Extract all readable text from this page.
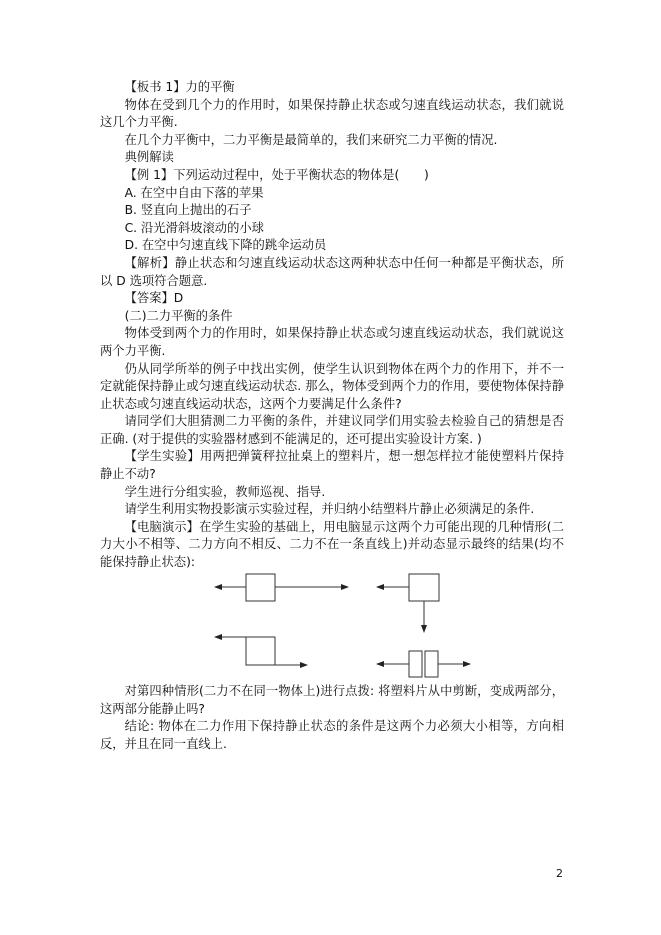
【板书 1】力的平衡

物体在受到几个力的作用时，如果保持静止状态或匀速直线运动状态，我们就说这几个力平衡.

在几个力平衡中，二力平衡是最简单的，我们来研究二力平衡的情况.

典例解读

【例 1】下列运动过程中，处于平衡状态的物体是(　　)

A. 在空中自由下落的苹果

B. 竖直向上抛出的石子

C. 沿光滑斜坡滚动的小球

D. 在空中匀速直线下降的跳伞运动员

【解析】静止状态和匀速直线运动状态这两种状态中任何一种都是平衡状态，所以 D 选项符合题意.

【答案】D

(二)二力平衡的条件

物体受到两个力的作用时，如果保持静止状态或匀速直线运动状态，我们就说这两个力平衡.

仍从同学所举的例子中找出实例，使学生认识到物体在两个力的作用下，并不一定就能保持静止或匀速直线运动状态. 那么，物体受到两个力的作用，要使物体保持静止状态或匀速直线运动状态，这两个力要满足什么条件?

请同学们大胆猜测二力平衡的条件，并建议同学们用实验去检验自己的猜想是否正确. (对于提供的实验器材感到不能满足的，还可提出实验设计方案. )

【学生实验】用两把弹簧秤拉扯桌上的塑料片，想一想怎样拉才能使塑料片保持静止不动?

学生进行分组实验，教师巡视、指导.

请学生利用实物投影演示实验过程，并归纳小结塑料片静止必须满足的条件.

【电脑演示】在学生实验的基础上，用电脑显示这两个力可能出现的几种情形(二力大小不相等、二力方向不相反、二力不在一条直线上)并动态显示最终的结果(均不能保持静止状态):

对第四种情形(二力不在同一物体上)进行点拨: 将塑料片从中剪断，变成两部分，这两部分能静止吗?

结论: 物体在二力作用下保持静止状态的条件是这两个力必须大小相等，方向相反，并且在同一直线上.

2
